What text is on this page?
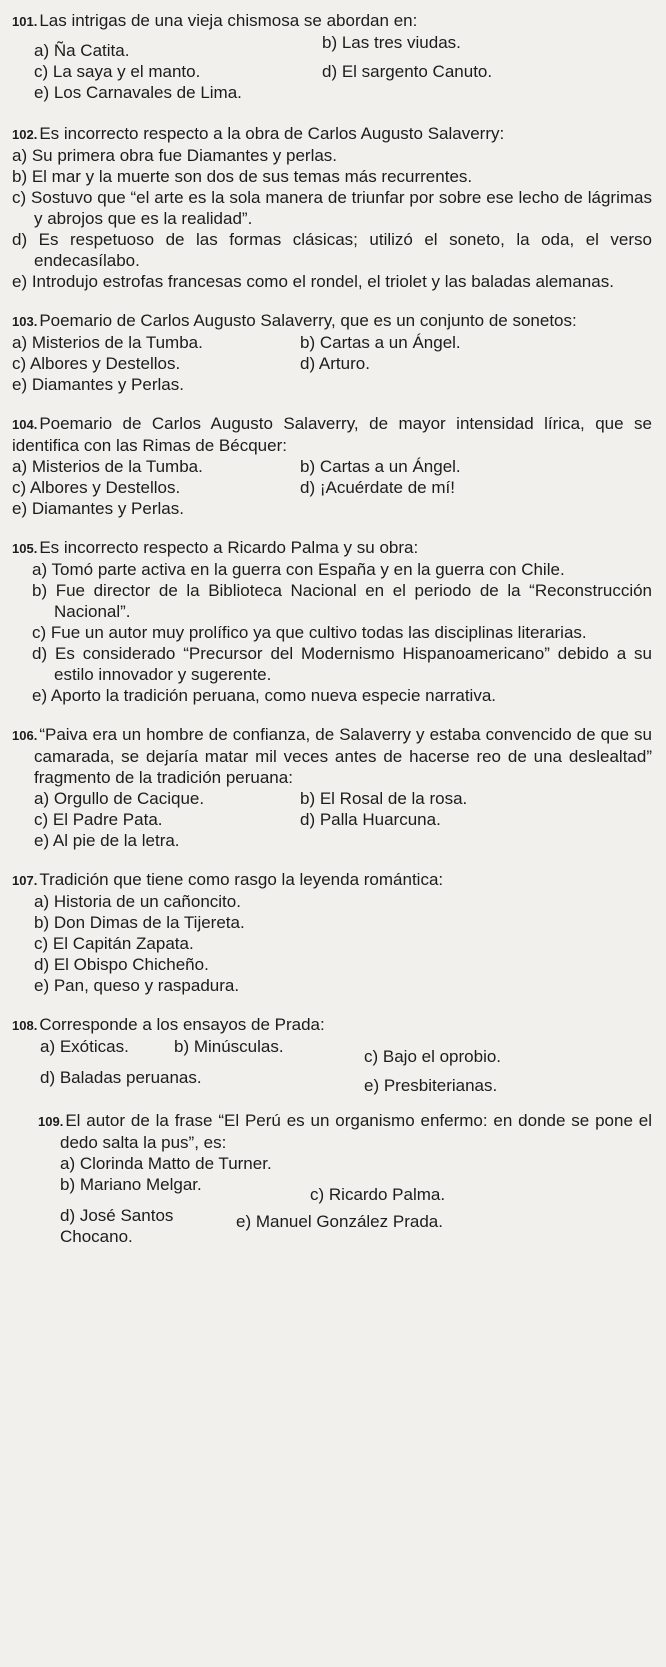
101. Las intrigas de una vieja chismosa se abordan en:
a) Ña Catita.	b) Las tres viudas.
c) La saya y el manto.	d) El sargento Canuto.
e) Los Carnavales de Lima.
102. Es incorrecto respecto a la obra de Carlos Augusto Salaverry:
a) Su primera obra fue Diamantes y perlas.
b) El mar y la muerte son dos de sus temas más recurrentes.
c) Sostuvo que “el arte es la sola manera de triunfar por sobre ese lecho de lágrimas y abrojos que es la realidad”.
d) Es respetuoso de las formas clásicas; utilizó el soneto, la oda, el verso endecasílabo.
e) Introdujo estrofas francesas como el rondel, el triolet y las baladas alemanas.
103. Poemario de Carlos Augusto Salaverry, que es un conjunto de sonetos:
a) Misterios de la Tumba.	b) Cartas a un Ángel.
c) Albores y Destellos.	d) Arturo.
e) Diamantes y Perlas.
104. Poemario de Carlos Augusto Salaverry, de mayor intensidad lírica, que se identifica con las Rimas de Bécquer:
a) Misterios de la Tumba.	b) Cartas a un Ángel.
c) Albores y Destellos.	d) ¡Acuérdate de mí!
e) Diamantes y Perlas.
105. Es incorrecto respecto a Ricardo Palma y su obra:
a) Tomó parte activa en la guerra con España y en la guerra con Chile.
b) Fue director de la Biblioteca Nacional en el periodo de la “Reconstrucción Nacional”.
c) Fue un autor muy prolífico ya que cultivo todas las disciplinas literarias.
d) Es considerado “Precursor del Modernismo Hispanoamericano” debido a su estilo innovador y sugerente.
e) Aporto la tradición peruana, como nueva especie narrativa.
106. “Paiva era un hombre de confianza, de Salaverry y estaba convencido de que su camarada, se dejaría matar mil veces antes de hacerse reo de una deslealtad” fragmento de la tradición peruana:
a) Orgullo de Cacique.	b) El Rosal de la rosa.
c) El Padre Pata.	d) Palla Huarcuna.
e) Al pie de la letra.
107. Tradición que tiene como rasgo la leyenda romántica:
a) Historia de un cañoncito.
b) Don Dimas de la Tijereta.
c) El Capitán Zapata.
d) El Obispo Chicheño.
e) Pan, queso y raspadura.
108. Corresponde a los ensayos de Prada:
a) Exóticas.	b) Minúsculas.
c) Bajo el oprobio.
d) Baladas peruanas.	e) Presbiterianas.
109. El autor de la frase “El Perú es un organismo enfermo: en donde se pone el dedo salta la pus”, es:
a) Clorinda Matto de Turner.
b) Mariano Melgar.
c) Ricardo Palma.
d) José Santos Chocano.
e) Manuel González Prada.
